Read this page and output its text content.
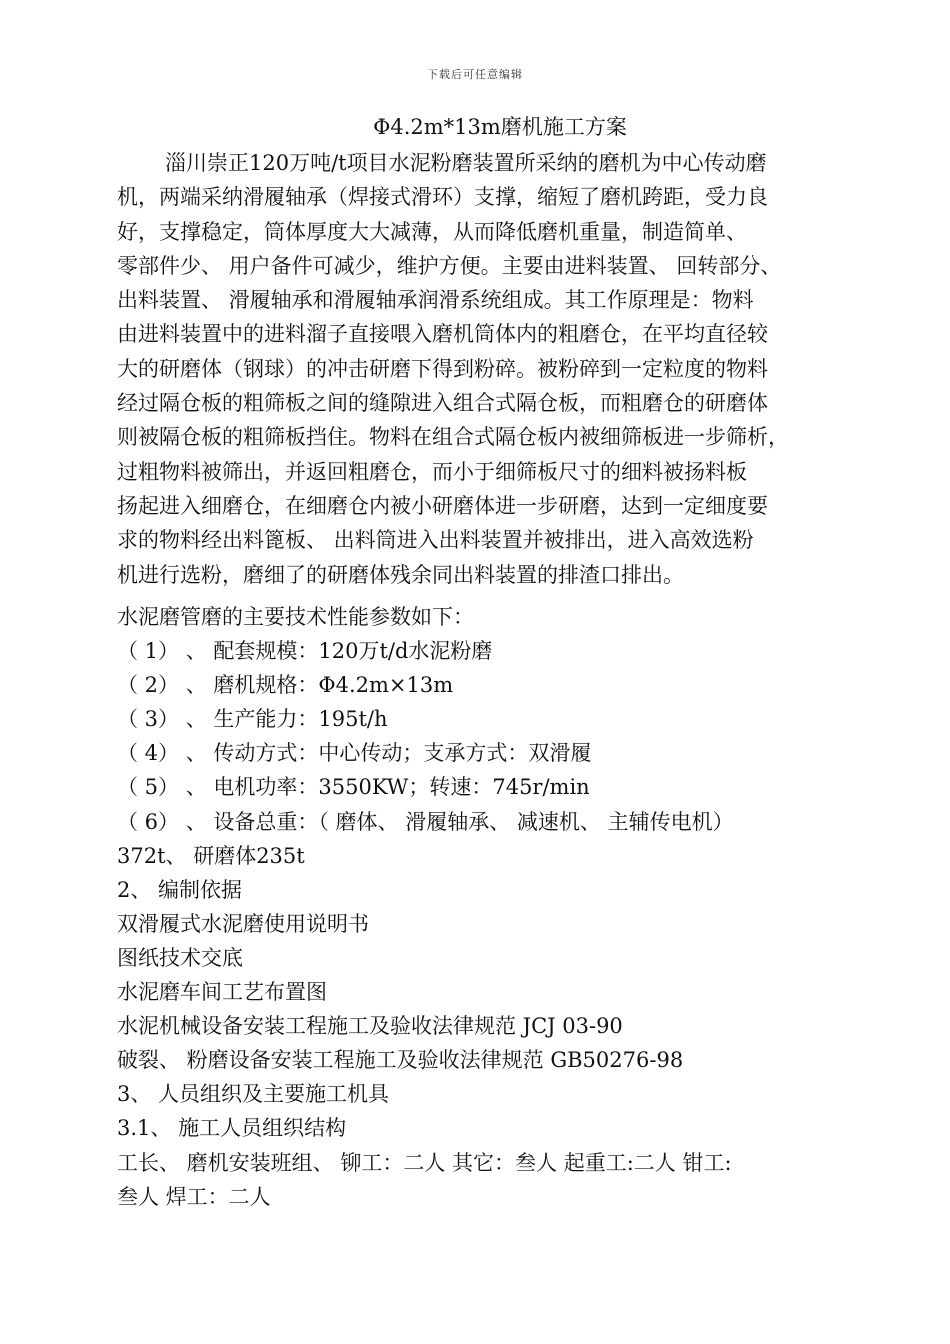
下载后可任意编辑
Φ4.2m*13m磨机施工方案

淄川崇正120万吨/t项目水泥粉磨装置所采纳的磨机为中心传动磨
机，两端采纳滑履轴承（焊接式滑环）支撑，缩短了磨机跨距，受力良
好，支撑稳定，筒体厚度大大减薄，从而降低磨机重量，制造简单、
零部件少、 用户备件可减少，维护方便。主要由进料装置、 回转部分、
出料装置、 滑履轴承和滑履轴承润滑系统组成。其工作原理是：物料
由进料装置中的进料溜子直接喂入磨机筒体内的粗磨仓，在平均直径较
大的研磨体（钢球）的冲击研磨下得到粉碎。被粉碎到一定粒度的物料
经过隔仓板的粗筛板之间的缝隙进入组合式隔仓板，而粗磨仓的研磨体
则被隔仓板的粗筛板挡住。物料在组合式隔仓板内被细筛板进一步筛析，
过粗物料被筛出，并返回粗磨仓，而小于细筛板尺寸的细料被扬料板
扬起进入细磨仓，在细磨仓内被小研磨体进一步研磨，达到一定细度要
求的物料经出料篦板、 出料筒进入出料装置并被排出，进入高效选粉
机进行选粉，磨细了的研磨体残余同出料装置的排渣口排出。

水泥磨管磨的主要技术性能参数如下：
（ 1） 、 配套规模：120万t/d水泥粉磨
（ 2） 、 磨机规格：Φ4.2m×13m
（ 3） 、 生产能力：195t/h
（ 4） 、 传动方式：中心传动；支承方式：双滑履
（ 5） 、 电机功率：3550KW；转速：745r/min
（ 6） 、 设备总重：（ 磨体、 滑履轴承、 减速机、 主辅传电机）
372t、 研磨体235t
2、 编制依据
双滑履式水泥磨使用说明书
图纸技术交底
水泥磨车间工艺布置图
水泥机械设备安装工程施工及验收法律规范 JCJ 03-90
破裂、 粉磨设备安装工程施工及验收法律规范 GB50276-98
3、 人员组织及主要施工机具
3.1、 施工人员组织结构
工长、 磨机安装班组、 铆工：二人 其它：叁人 起重工:二人 钳工:
叁人 焊工：二人
